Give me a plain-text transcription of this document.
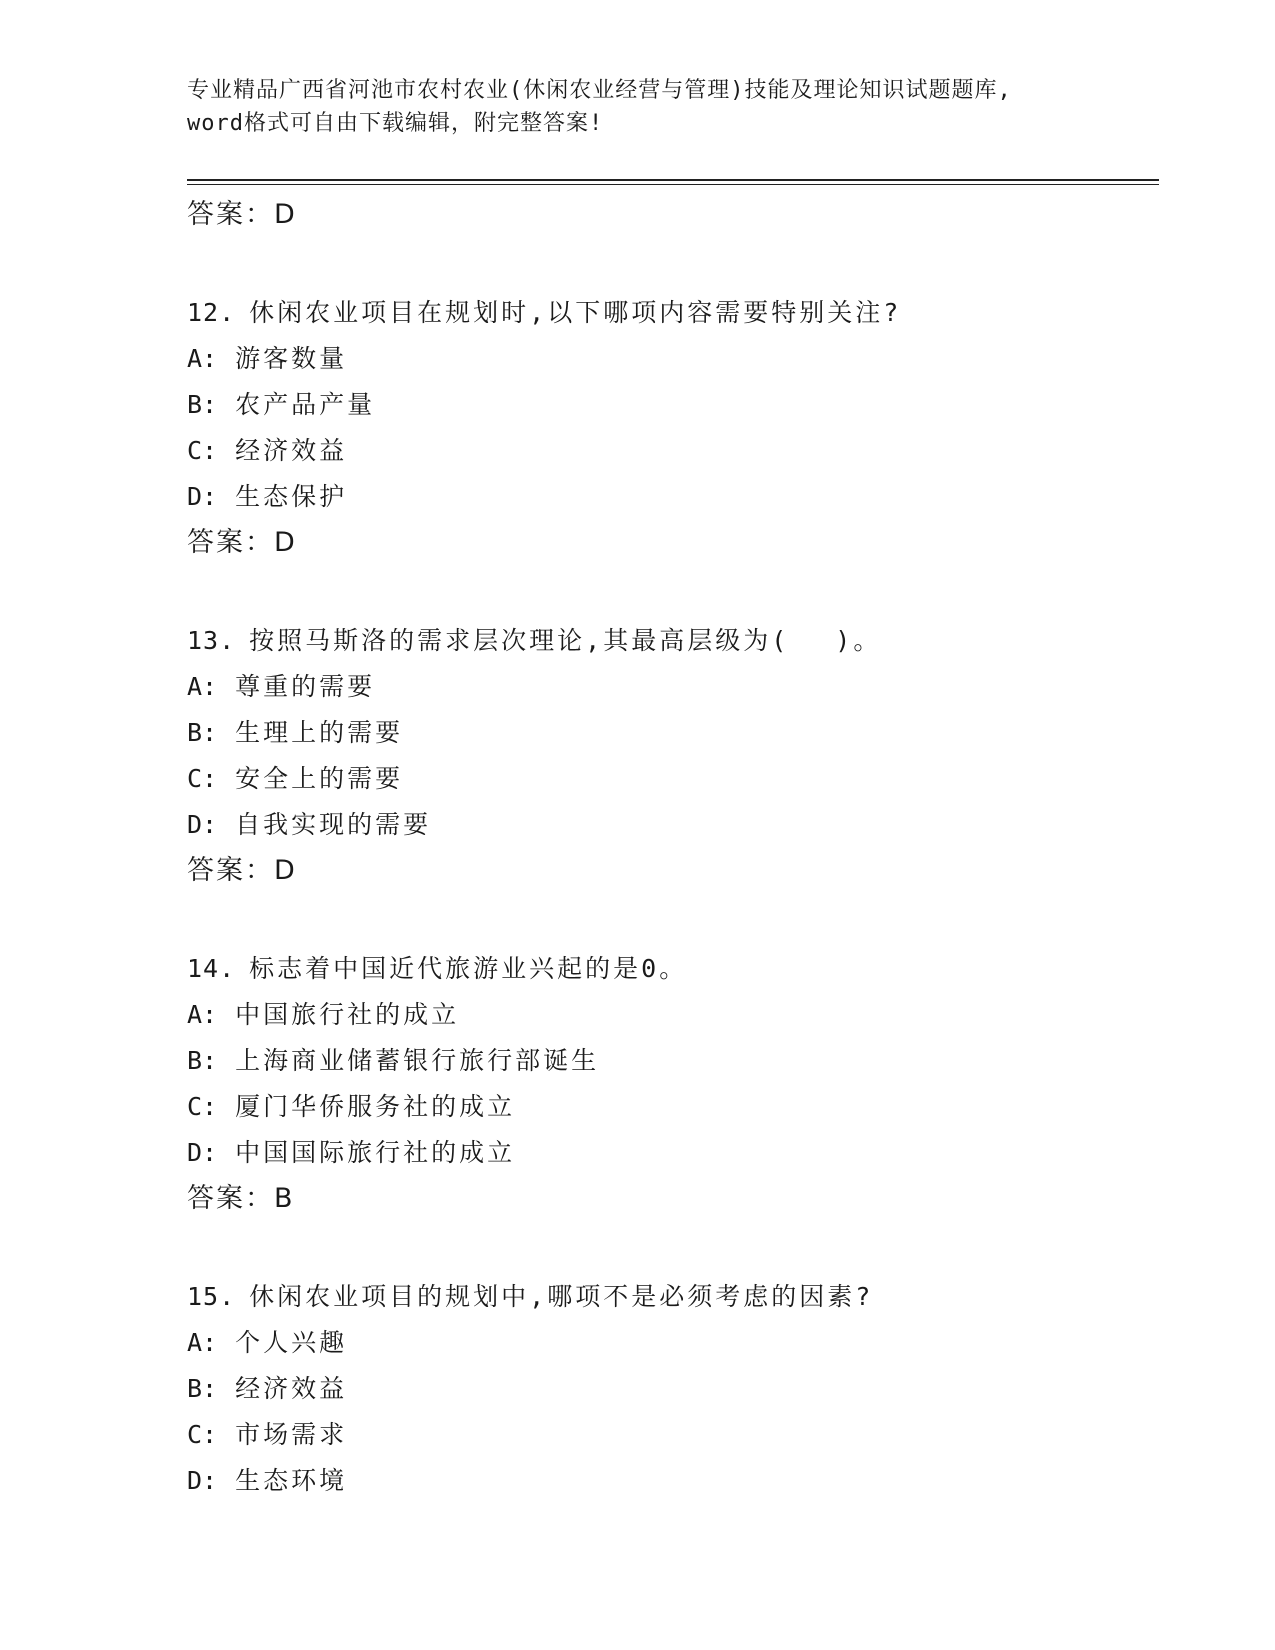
专业精品广西省河池市农村农业(休闲农业经营与管理)技能及理论知识试题题库,
word格式可自由下载编辑，附完整答案!
答案：D
12. 休闲农业项目在规划时,以下哪项内容需要特别关注?
A: 游客数量
B: 农产品产量
C: 经济效益
D: 生态保护
答案：D
13. 按照马斯洛的需求层次理论,其最高层级为(　 )。
A: 尊重的需要
B: 生理上的需要
C: 安全上的需要
D: 自我实现的需要
答案：D
14. 标志着中国近代旅游业兴起的是0。
A: 中国旅行社的成立
B: 上海商业储蓄银行旅行部诞生
C: 厦门华侨服务社的成立
D: 中国国际旅行社的成立
答案：B
15. 休闲农业项目的规划中,哪项不是必须考虑的因素?
A: 个人兴趣
B: 经济效益
C: 市场需求
D: 生态环境
